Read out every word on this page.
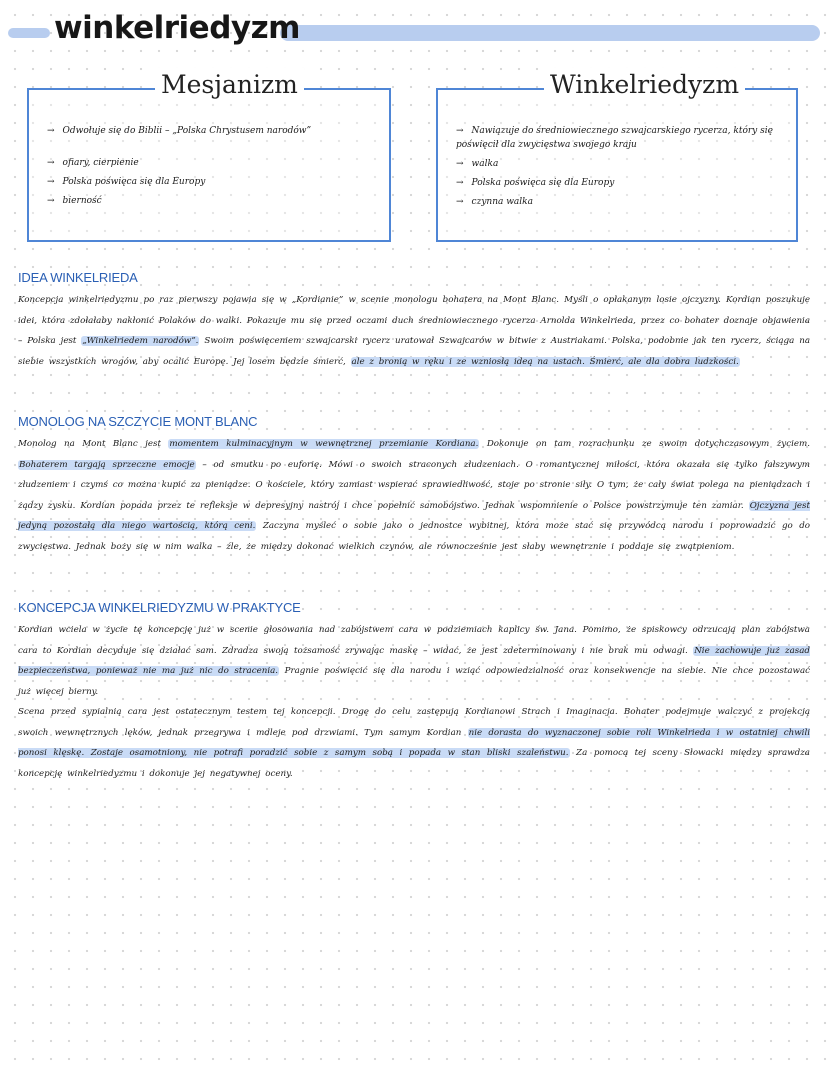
winkelriedyzm
Mesjanizm
→ Odwołuje się do Biblii – „Polska Chrystusem narodów”
→ ofiary, cierpienie
→ Polska poświęca się dla Europy
→ bierność
Winkelriedyzm
→ Nawiązuje do średniowiecznego szwajcarskiego rycerza, który się poświęcił dla zwycięstwa swojego kraju
→ walka
→ Polska poświęca się dla Europy
→ czynna walka
IDEA WINKELRIEDA

Koncepcja winkelriedyzmu po raz pierwszy pojawia się w „Kordianie” w scenie monologu bohatera na Mont Blanc. Myśli o opłakanym losie ojczyzny. Kordian poszukuje idei, która zdołałaby nakłonić Polaków do walki. Pokazuje mu się przed oczami duch średniowiecznego rycerza Arnolda Winkelrieda, przez co bohater doznaje objawienia – Polska jest „Winkelriedem narodów”. Swoim poświęceniem szwajcarski rycerz uratował Szwajcarów w bitwie z Austriakami. Polska, podobnie jak ten rycerz, ściąga na siebie wszystkich wrogów, aby ocalić Europę. Jej losem będzie śmierć, ale z bronią w ręku i ze wzniosłą ideą na ustach. Śmierć, ale dla dobra ludzkości.

MONOLOG NA SZCZYCIE MONT BLANC

Monolog na Mont Blanc jest momentem kulminacyjnym w wewnętrznej przemianie Kordiana. Dokonuje on tam rozrachunku ze swoim dotychczasowym życiem. Bohaterem targają sprzeczne emocje – od smutku po euforię. Mówi o swoich straconych złudzeniach. O romantycznej miłości, która okazała się tylko fałszywym złudzeniem i czymś co można kupić za pieniądze. O kościele, który zamiast wspierać sprawiedliwość, stoje po stronie siły. O tym, że cały świat polega na pieniądzach i żądzy zysku. Kordian popada przez te refleksje w depresyjny nastrój i chce popełnić samobójstwo. Jednak wspomnienie o Polsce powstrzymuje ten zamiar. Ojczyzna jest jedyną pozostałą dla niego wartością, którą ceni. Zaczyna myśleć o sobie jako o jednostce wybitnej, która może stać się przywódcą narodu i poprowadzić go do zwycięstwa. Jednak boży się w nim walka – źle, że między dokonać wielkich czynów, ale równocześnie jest słaby wewnętrznie i poddaje się zwątpieniom.

KONCEPCJA WINKELRIEDYZMU W PRAKTYCE

Kordian wciela w życie tę koncepcję już w scenie głosowania nad zabójstwem cara w podziemiach kaplicy św. Jana. Pomimo, że spiskowcy odrzucają plan zabójstwa cara to Kordian decyduje się działać sam. Zdradza swoją tożsamość zrywając maskę – widać, że jest zdeterminowany i nie brak mu odwagi. Nie zachowuje już zasad bezpieczeństwa, ponieważ nie ma już nic do stracenia. Pragnie poświęcić się dla narodu i wziąć odpowiedzialność oraz konsekwencje na siebie. Nie chce pozostawać już więcej bierny.

Scena przed sypialnią cara jest ostatecznym testem tej koncepcji. Drogę do celu zastępują Kordianowi Strach i Imaginacja. Bohater podejmuje walczyć z projekcją swoich wewnętrznych lęków, jednak przegrywa i mdleje pod drzwiami. Tym samym Kordian nie dorasta do wyznaczonej sobie roli Winkelrieda i w ostatniej chwili ponosi klęskę. Zostaje osamotniony, nie potrafi poradzić sobie z samym sobą i popada w stan bliski szaleństwu. Za pomocą tej sceny Słowacki między sprawdza koncepcję winkelriedyzmu i dokonuje jej negatywnej oceny.
